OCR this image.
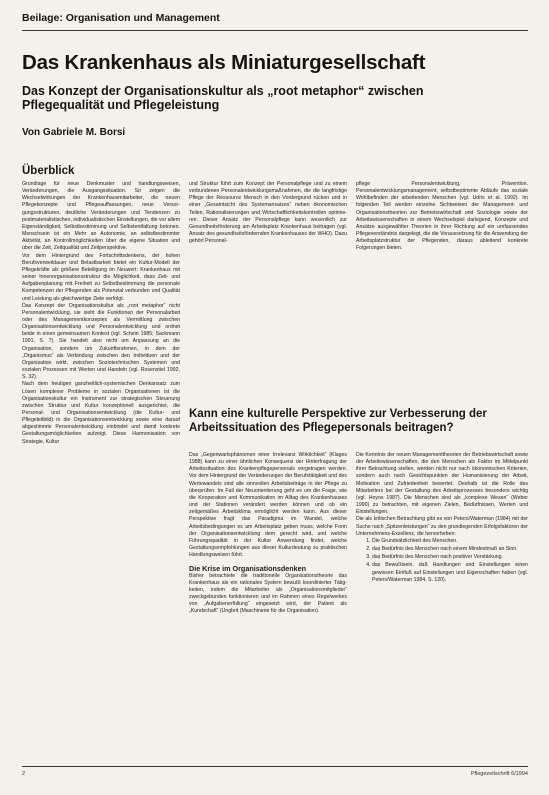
Beilage: Organisation und Management
Das Krankenhaus als Miniaturgesellschaft
Das Konzept der Organisationskultur als „root metaphor“ zwischen Pflegequalität und Pflegeleistung
Von Gabriele M. Borsi
Überblick

Grundlage für neue Denkmuster und handlungsweisen, Veränderungen, die Ausgangssituation. So zeigen die Wechselwirkungen der Krankenhausmitarbeiter, die neuen Pflegekonzepte und Pflegeauffassungen, neue Versorgungsstrukturen, deutliche Veränderungen und Tendenzen zu postmaterialistischen, individualistischen Einstellungen, die vor allem Eigenständigkeit, Selbstbestimmung und Selbstentfaltung betonen. Menschsein ist ein Mehr an Autonomie, an selbstbestimmter Aktivität, an Kontrollmöglichkeiten über die eigene Situation und über die Zeit, Zeitqualität und Zeitperspektive.

Vor dem Hintergrund des Fortschrittsdenkens, der hohen Berufsverweildauer und Belastbarkeit bietet ein Kultur-Modell der Pflegekräfte als größere Beteiligung im Neuwert: Krankenhaus mit seiner Innenorganisationsstruktur die Möglichkeit, dass Zeit- und Aufgabenplanung mit Freiheit zu Selbstbestimmung die personale Kompetenzen der Pflegenden als Potenzial verbunden und Qualität und Leistung als gleichwertige Ziele verfolgt.

Das Konzept der Organisationskultur als „root metaphor“ nicht Personalentwicklung, sie sieht die Funktionen der Personalarbeit oder des Managementkonzeptes als Vermittlung zwischen Organisationsentwicklung und Personalentwicklung und ordnet beide in einen gemeinsamen Kontext (vgl. Schein 1985; Sackmann 1991, S. 7). Sie handelt also nicht um Anpassung an die Organisation, sondern um Zukunftsrahmen, in dem der „Organismus“ als Verbindung zwischen den Individuen und der Organisation wirkt, zwischen Soziotechnischen Systemen und sozialen Prozessen mit Werten und Handeln (vgl. Rosenstiel 1992, S. 32).

Nach dem heutigen ganzheitlich-systemischen Denkansatz zum Lösen komplexer Probleme in sozialen Organisationen ist die Organisationskultur ein Instrument zur strategischen Steuerung zwischen Struktur und Kultur konzeptionell ausgerichtet, die Personal- und Organisationsentwicklung (die Kultur- und Pflegeleitbild) in die Organisationsentwicklung sowie eine darauf abgestimmte Personalentwicklung einbindet und damit konkrete Gestaltungsmöglichkeiten aufzeigt. Diese Harmonisation von Strategie, Kultur

und Struktur führt zum Konzept der Personalpflege und zu einem verbundenen Personalentwicklungsmaßnahmen, die die langfristige Pflege der Ressource Mensch in den Vordergrund rücken und in einer „Gesamtsicht des Systemansatzes“ neben ökonomischen Teilen, Rationalisierungen und Wirtschaftlichkeitskontrollen optimieren. Dieser Ansatz der Personalpflege kann wesentlich zur Gesundheitsförderung am Arbeitsplatz Krankenhaus beitragen (vgl. Ansatz des gesundheitsfördernden Krankenhauses der WHO). Dazu gehört Personal-

pflege Personalentwicklung, Prävention. Personalentwicklungsmanagement, selbstbestimmte Abläufe das soziale Wohlbefinden der arbeitenden Menschen (vgl. Udris et al. 1992). Im folgenden Teil werden einzelne Sichtweisen der Management- und Organisationstheorien zur Betriebswirtschaft und Soziologie sowie der Arbeitswissenschaften in einem Wechselspiel darlegend, Konzepte und Ansätze ausgewählter Theorien in ihrer Richtung auf ein umfassendes Pflegeverständnis dargelegt, die die Voraussetzung für die Anwendung der Arbeitsplatzstruktur der Pflegenden, daraus ableitend konkrete Folgerungen bieten.

Kann eine kulturelle Perspektive zur Verbesserung der Arbeitssituation des Pflegepersonals beitragen?

Das „Gegenwartsphänomen einer Irrelevanz Wirklichkeit“ (Klages 1988) kann zu einer ähnlichen Konsequenz der Hinterfragung der Arbeitssituation des Krankenpflegepersonals vorgetragen werden. Vor dem Hintergrund der Veränderungen der Berufstätigkeit und des Wertewandels sind alle sinnvollen Arbeitsbeiträge in der Pflege zu überprüfen. Im Fall der Neuorientierung geht es um die Frage, wie die Kooperation und Kommunikation im Alltag des Krankenhauses und der Stationen verändert werden können und ob ein zeitgemäßes Arbeitsklima ermöglicht werden kann. Aus dieser Perspektive fragt das Paradigma im Wandel, welche Arbeitsbedingungen es am Arbeitsplatz geben muss, welche Form der Organisationsentwicklung dem gerecht wird, und welche Führungsqualität in der Kultur Anwendung findet, welche Gestaltungsempfehlungen aus dieser Kulturdeutung zu praktischen Handlungsweisen führt.

Die Krise im Organisationsdenken

Bisher betrachtete die traditionelle Organisationstheorie das Krankenhaus als ein rationales System bewußt koordinierter Tätigkeiten, indem die Mitarbeiter als „Organisationsmitglieder“ zweckgebunden funktionieren und im Rahmen eines Regelwerkes von „Aufgabenerfüllung“ eingesetzt wird, der Patient als „Kundschaft“ (Ungbrit (Maschinerie für die Organisation).

Die Kenntnis der neuen Managementtheorien der Betriebswirtschaft sowie der Arbeitswissenschaften, die den Menschen als Faktor im Mittelpunkt ihrer Betrachtung stellen, werden nicht nur nach ökonomischen Kriterien, sondern auch nach Gesichtspunkten der Humanisierung der Arbeit, Motivation und Zufriedenheit bewertet. Deshalb ist die Rolle des Mitarbeiters bei der Gestaltung des Arbeitsprozesses besonders wichtig (vgl. Hoyos 1987). Die Menschen sind als „komplexe Wesen“ (Weber 1990) zu betrachten, mit eigenen Zielen, Bedürfnissen, Werten und Einstellungen.

Die als kritischen Betrachtung gibt es von Peters/Waterman (1984) mit der Suche nach „Spitzenleistungen“ zu den grundlegenden Erfolgsfaktoren der Unternehmens-Exzellenz, die hervorheben:

1. Die Grundsätzlichkeit des Menschen.
2. das Bedürfnis des Menschen nach einem Mindestmaß an Sinn.
3. das Bedürfnis des Menschen nach positiver Verstärkung.
4. das Bewußtsein, daß Handlungen und Einstellungen einen gewissen Einfluß auf Einstellungen und Eigenschaften haben (vgl. Peters/Waterman 1984, S. 120).
2	Pflegezeitschrift 6/1994
